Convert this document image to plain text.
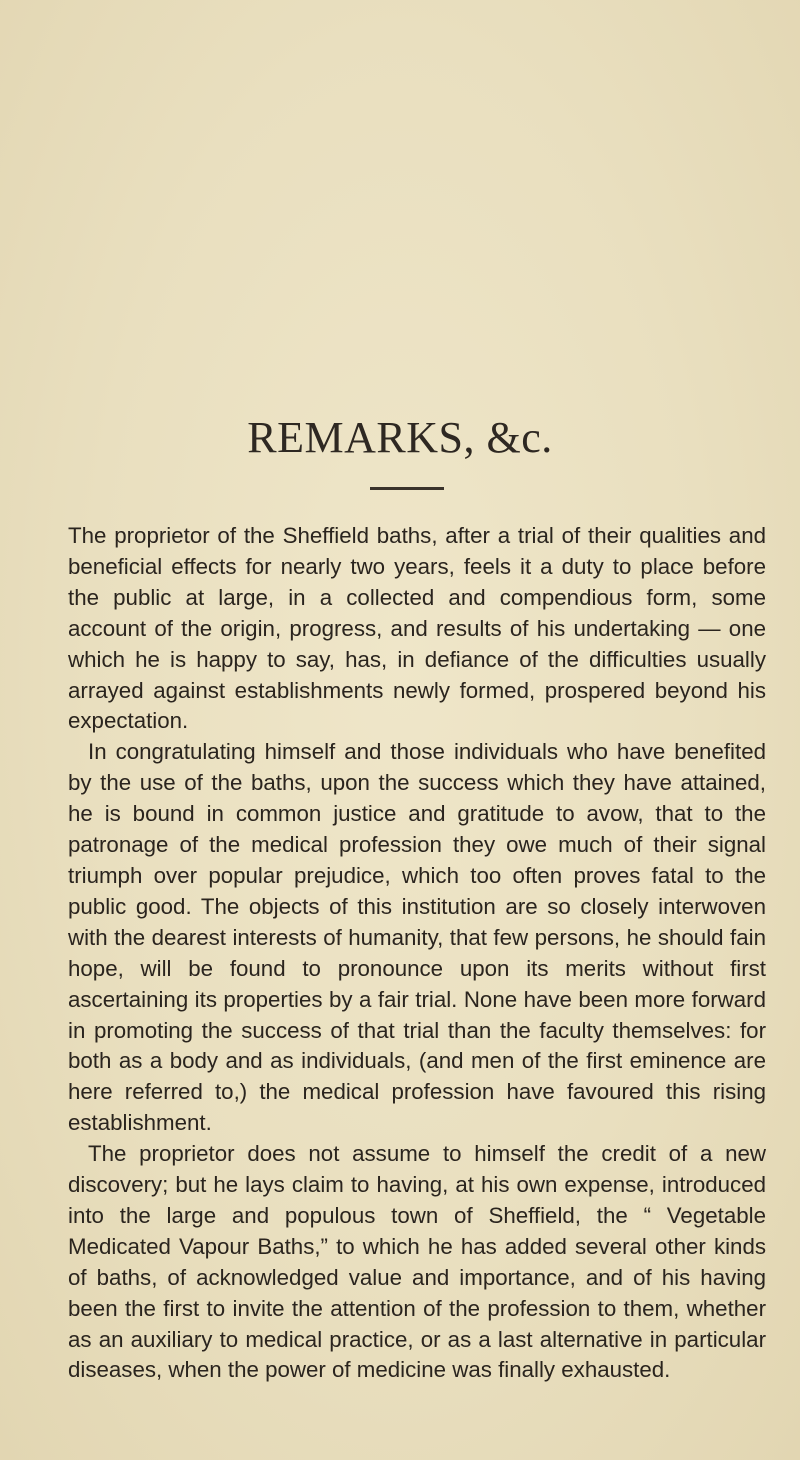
REMARKS, &c.

The proprietor of the Sheffield baths, after a trial of their qualities and beneficial effects for nearly two years, feels it a duty to place before the public at large, in a collected and compendious form, some account of the origin, progress, and results of his undertaking — one which he is happy to say, has, in defiance of the difficulties usually arrayed against establishments newly formed, prospered beyond his expectation.

In congratulating himself and those individuals who have benefited by the use of the baths, upon the success which they have attained, he is bound in common justice and gratitude to avow, that to the patronage of the medical profession they owe much of their signal triumph over popular prejudice, which too often proves fatal to the public good. The objects of this institution are so closely interwoven with the dearest interests of humanity, that few persons, he should fain hope, will be found to pronounce upon its merits without first ascertaining its properties by a fair trial. None have been more forward in promoting the success of that trial than the faculty themselves: for both as a body and as individuals, (and men of the first eminence are here referred to,) the medical profession have favoured this rising establishment.

The proprietor does not assume to himself the credit of a new discovery; but he lays claim to having, at his own expense, introduced into the large and populous town of Sheffield, the “ Vegetable Medicated Vapour Baths,” to which he has added several other kinds of baths, of acknowledged value and importance, and of his having been the first to invite the attention of the profession to them, whether as an auxiliary to medical practice, or as a last alternative in particular diseases, when the power of medicine was finally exhausted.
